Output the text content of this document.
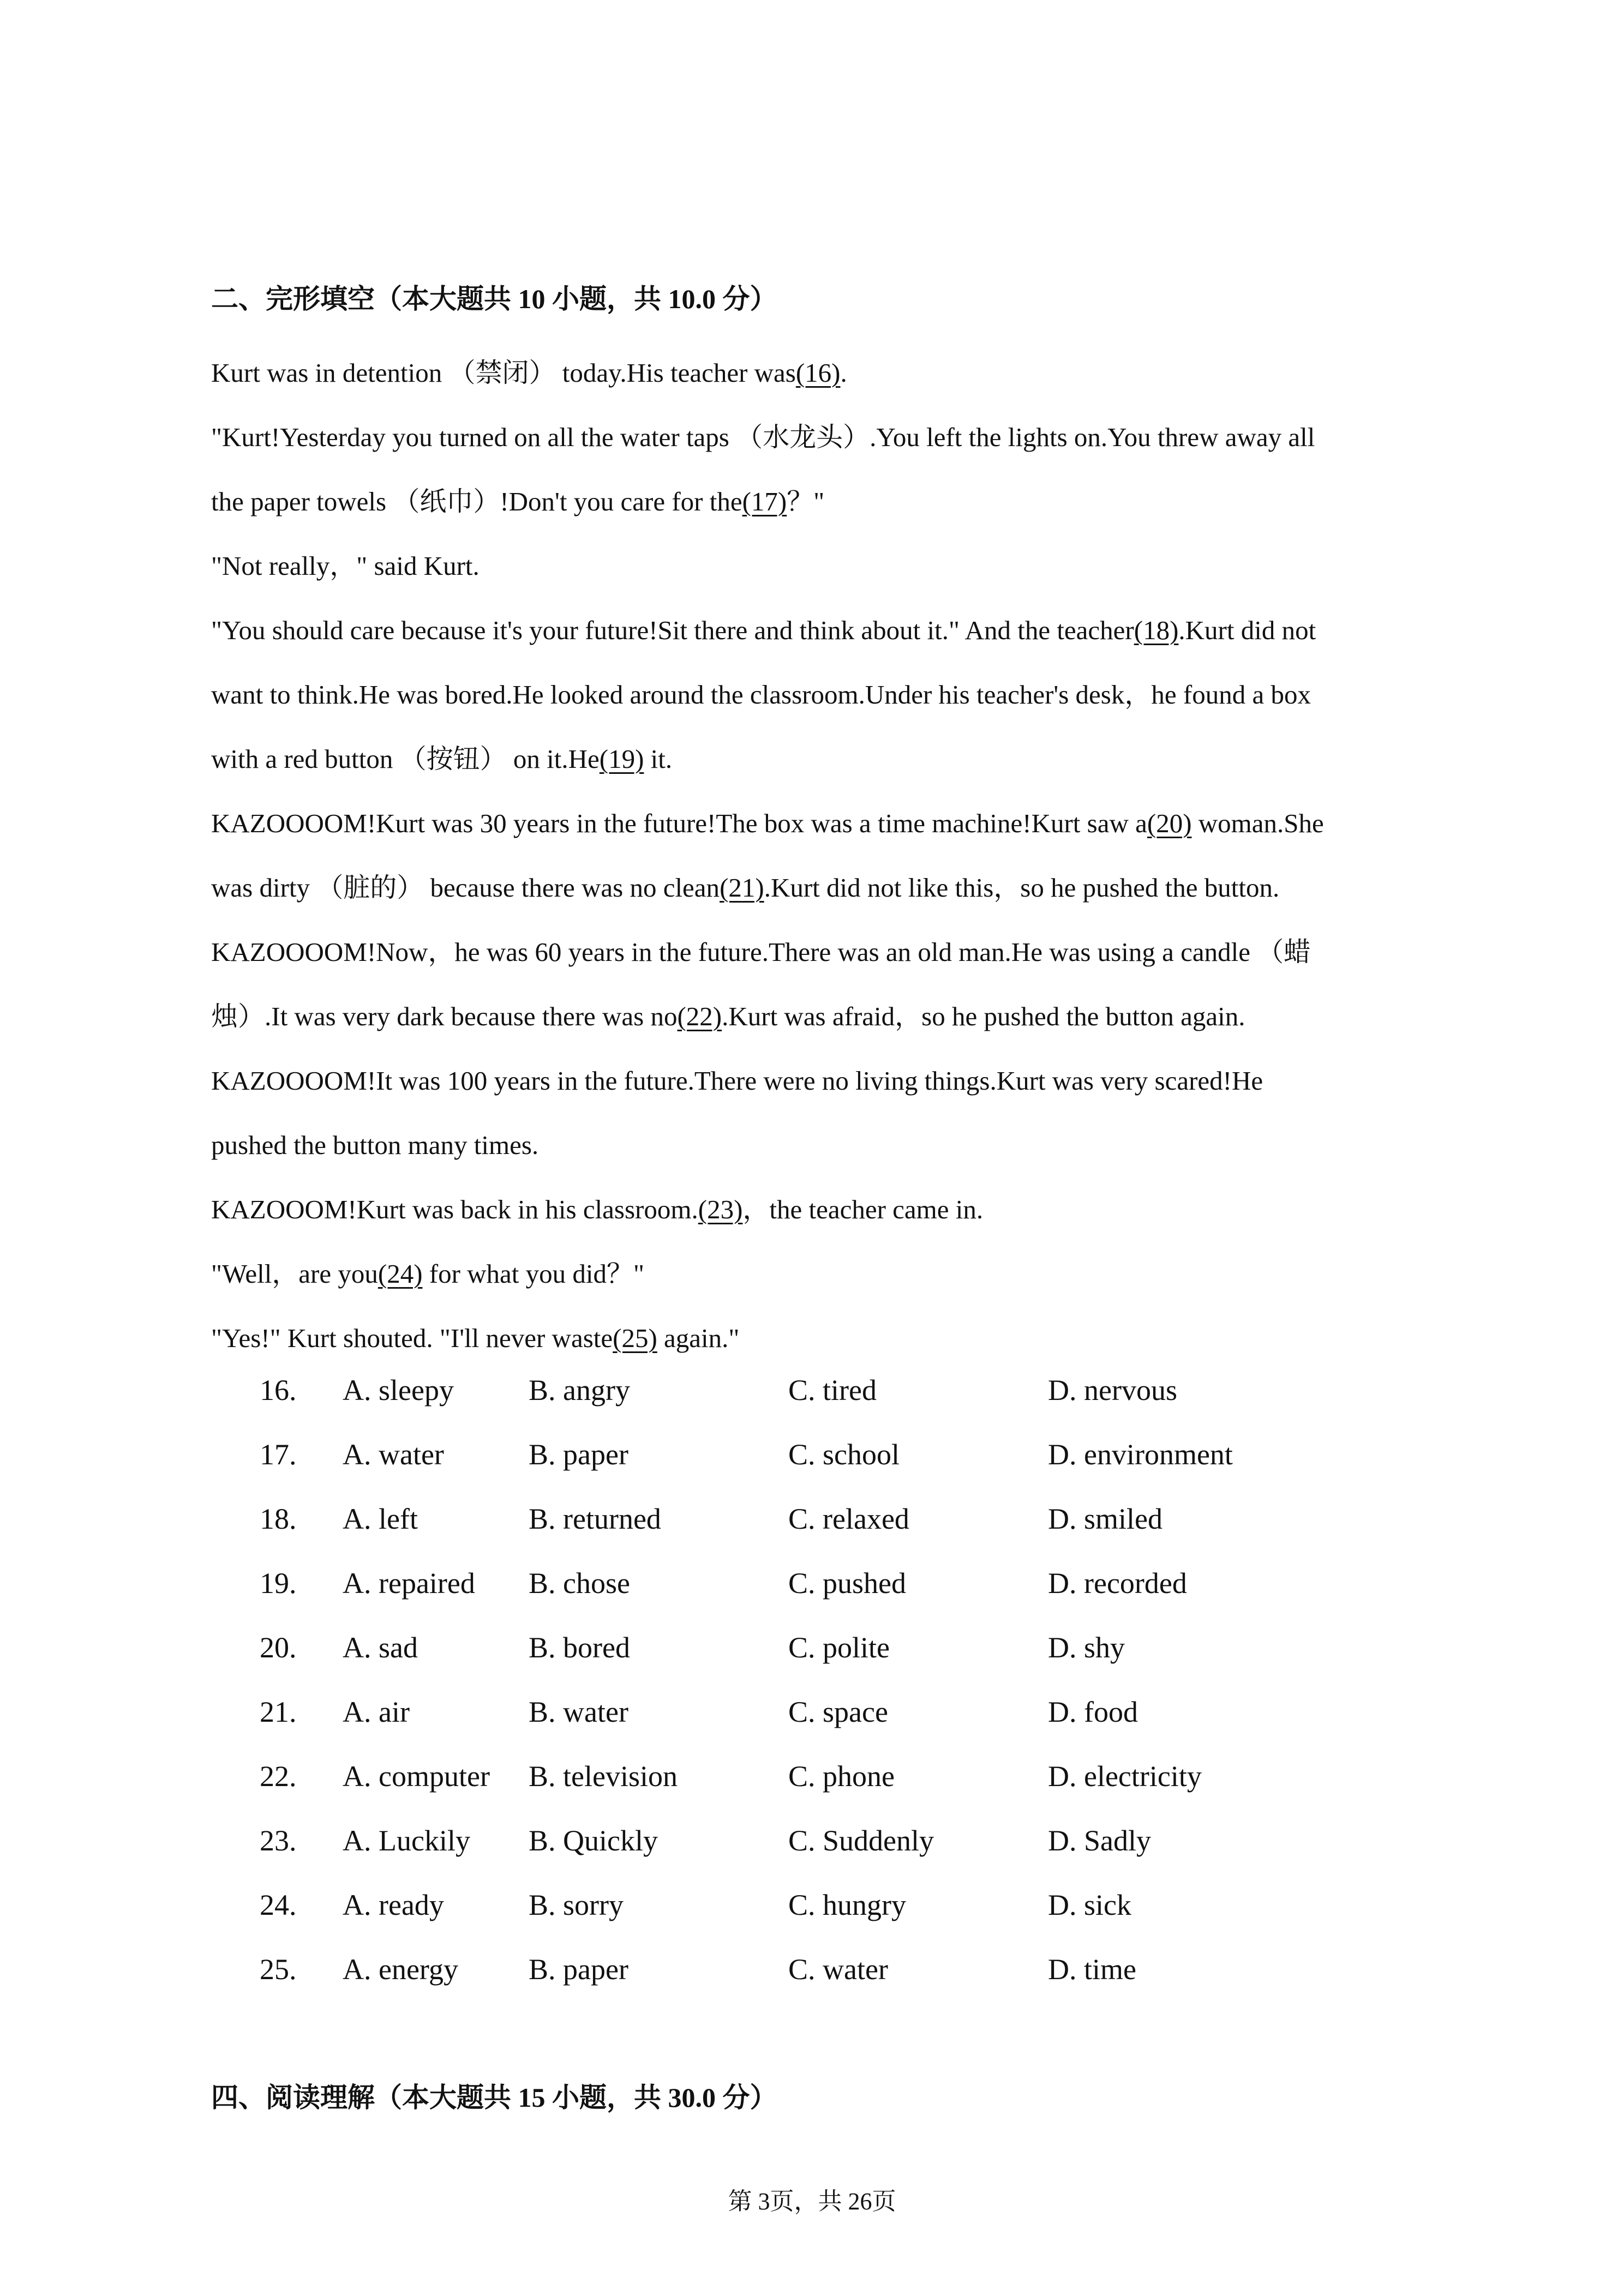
二、完形填空（本大题共 10 小题，共 10.0 分）
Kurt was in detention （禁闭） today.His teacher was(16).
"Kurt!Yesterday you turned on all the water taps （水龙头）.You left the lights on.You threw away all
the paper towels （纸巾）!Don't you care for the(17)？"
"Not really，" said Kurt.
"You should care because it's your future!Sit there and think about it." And the teacher(18).Kurt did not
want to think.He was bored.He looked around the classroom.Under his teacher's desk，he found a box
with a red button （按钮） on it.He(19) it.
KAZOOOOM!Kurt was 30 years in the future!The box was a time machine!Kurt saw a(20) woman.She
was dirty （脏的） because there was no clean(21).Kurt did not like this，so he pushed the button.
KAZOOOOM!Now，he was 60 years in the future.There was an old man.He was using a candle （蜡
烛）.It was very dark because there was no(22).Kurt was afraid，so he pushed the button again.
KAZOOOOM!It was 100 years in the future.There were no living things.Kurt was very scared!He
pushed the button many times.
KAZOOOM!Kurt was back in his classroom.(23)，the teacher came in.
"Well，are you(24) for what you did？"
"Yes!" Kurt shouted. "I'll never waste(25) again."
16. A. sleepy	B. angry	C. tired	D. nervous
17. A. water	B. paper	C. school	D. environment
18. A. left	B. returned	C. relaxed	D. smiled
19. A. repaired B. chose	C. pushed	D. recorded
20. A. sad	B. bored	C. polite	D. shy
21. A. air	B. water	C. space	D. food
22. A. computer B. television	C. phone	D. electricity
23. A. Luckily B. Quickly	C. Suddenly	D. Sadly
24. A. ready	B. sorry	C. hungry	D. sick
25. A. energy B. paper	C. water	D. time
四、阅读理解（本大题共 15 小题，共 30.0 分）
第 3页，共 26页
